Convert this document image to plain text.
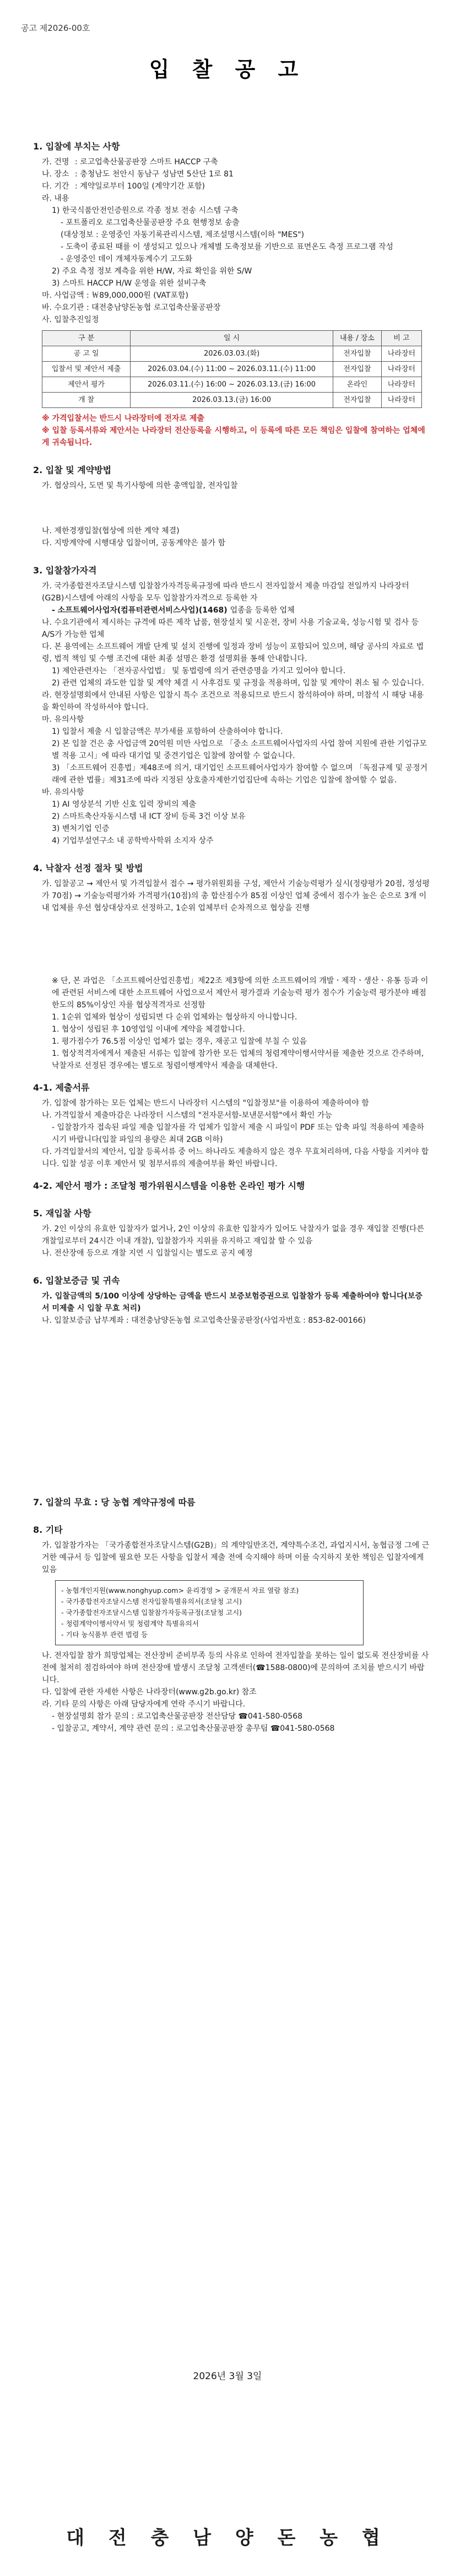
공고 제2026-00호
입 찰 공 고
1. 입찰에 부치는 사항
가. 건명 : 로고업축산물공판장 스마트 HACCP 구축
나. 장소 : 충청남도 천안시 동남구 성남면 5산단 1로 81
다. 기간 : 계약일로부터 100일 (계약기간 포함)
라. 내용
1) 한국식품안전인증원으로 각종 정보 전송 시스템 구축
- 포트폴리오 로그업축산물공판장 주요 현행정보 송출
(대상정보 : 운영중인 자동기록관리시스템, 제조설명시스템(이하 "MES")
- 도축이 종료된 때를 이 생성되고 있으나 개체별 도축정보를 기반으로 표면온도 측정 프로그램 작성
- 운영중인 데이 개체자동계수기 고도화
2) 주요 측정 정보 계측을 위한 H/W, 자료 확인을 위한 S/W
3) 스마트 HACCP H/W 운영을 위한 설비구축
마. 사업금액 : ￦89,000,000원 (VAT포함)
바. 수요기관 : 대전충남양돈농협 로고업축산물공판장
사. 입찰추진일정
구 분	일 시	내용 / 장소	비 고
공 고 일	2026.03.03.(화)	전자입찰	나라장터
입찰서 및 제안서 제출	2026.03.04.(수) 11:00 ~ 2026.03.11.(수) 11:00	전자입찰	나라장터
제안서 평가	2026.03.11.(수) 16:00 ~ 2026.03.13.(금) 16:00	온라인	나라장터
개 찰	2026.03.13.(금) 16:00	전자입찰	나라장터
※ 가격입찰서는 반드시 나라장터에 전자로 제출
※ 입찰 등록서류와 제안서는 나라장터 전산등록을 시행하고, 이 등록에 따른 모든 책임은 입찰에 참여하는 업체에게 귀속됩니다.
2. 입찰 및 계약방법
가. 협상의사, 도면 및 특기사항에 의한 총액입찰, 전자입찰
나. 제한경쟁입찰(협상에 의한 계약 체결)
다. 지방계약에 시행대상 입찰이며, 공동계약은 불가 함
3. 입찰참가자격
가. 국가종합전자조달시스템 입찰참가자격등록규정에 따라 반드시 전자입찰서 제출 마감일 전일까지 나라장터(G2B)시스템에 아래의 사항을 모두 입찰참가자격으로 등록한 자
- 소프트웨어사업자(컴퓨터관련서비스사업)(1468) 업종을 등록한 업체
나. 수요기관에서 제시하는 규격에 따른 제작 납품, 현장설치 및 시운전, 장비 사용 기술교육, 성능시험 및 검사 등 A/S가 가능한 업체
다. 본 용역에는 소프트웨어 개발 단계 및 설치 진행에 일정과 장비 성능이 포함되어 있으며, 해당 공사의 자료로 법령, 법적 책임 및 수행 조건에 대한 최종 설명은 환경 설명회를 통해 안내합니다.
1) 제안관련자는 「전자공사업법」 및 동법령에 의거 관련증명을 가지고 있어야 합니다.
2) 관련 업체의 과도한 입찰 및 계약 체결 시 사후검토 및 규정을 적용하며, 입찰 및 계약이 취소 될 수 있습니다.
라. 현장설명회에서 안내된 사항은 입찰시 특수 조건으로 적용되므로 반드시 참석하여야 하며, 미참석 시 해당 내용을 확인하여 작성하셔야 합니다.
마. 유의사항
1) 입찰서 제출 시 입찰금액은 부가세를 포함하여 산출하여야 합니다.
2) 본 입찰 건은 총 사업금액 20억원 미만 사업으로 「중소 소프트웨어사업자의 사업 참여 지원에 관한 기업규모별 적용 고시」에 따라 대기업 및 중견기업은 입찰에 참여할 수 없습니다.
3) 「소프트웨어 진흥법」제48조에 의거, 대기업인 소프트웨어사업자가 참여할 수 없으며 「독점규제 및 공정거래에 관한 법률」제31조에 따라 지정된 상호출자제한기업집단에 속하는 기업은 입찰에 참여할 수 없음.
바. 유의사항
1) AI 영상분석 기반 신호 입력 장비의 제출
2) 스마트축산자동시스템 내 ICT 장비 등록 3건 이상 보유
3) 벤처기업 인증
4) 기업부설연구소 내 공학박사학위 소지자 상주
4. 낙찰자 선정 절차 및 방법
가. 입찰공고 → 제안서 및 가격입찰서 접수 → 평가위원회를 구성, 제안서 기술능력평가 실시(정량평가 20점, 정성평가 70점) → 기술능력평가와 가격평가(10점)의 총 합산점수가 85점 이상인 업체 중에서 점수가 높은 순으로 3개 이내 업체를 우선 협상대상자로 선정하고, 1순위 업체부터 순차적으로 협상을 진행
※ 단, 본 과업은 「소프트웨어산업진흥법」제22조 제3항에 의한 소프트웨어의 개발ㆍ제작ㆍ생산ㆍ유통 등과 이에 관련된 서비스에 대한 소프트웨어 사업으로서 제안서 평가결과 기술능력 평가 점수가 기술능력 평가분야 배점한도의 85%이상인 자를 협상적격자로 선정함
1. 1순위 업체와 협상이 성립되면 다 순위 업체와는 협상하지 아니합니다.
1. 협상이 성립된 후 10영업일 이내에 계약을 체결합니다.
1. 평가점수가 76.5점 이상인 업체가 없는 경우, 재공고 입찰에 부칠 수 있음
1. 협상적격자에게서 제출된 서류는 입찰에 참가한 모든 업체의 청렴계약이행서약서를 제출한 것으로 간주하며, 낙찰자로 선정된 경우에는 별도로 청렴이행계약서 제출을 대체한다.
4-1. 제출서류
가. 입찰에 참가하는 모든 업체는 반드시 나라장터 시스템의 "입찰정보"를 이용하여 제출하여야 함
나. 가격입찰서 제출마감은 나라장터 시스템의 "전자문서함-보낸문서함"에서 확인 가능
- 입찰참가자 접속된 파일 제출 입찰자를 각 업체가 입찰서 제출 시 파일이 PDF 또는 압축 파일 적용하여 제출하시기 바랍니다(입찰 파일의 용량은 최대 2GB 이하)
다. 가격입찰서의 제안서, 입찰 등록서류 중 어느 하나라도 제출하지 않은 경우 무효처리하며, 다음 사항을 지켜야 합니다. 입찰 성공 이후 제안서 및 첨부서류의 제출여부를 확인 바랍니다.
4-2. 제안서 평가 : 조달청 평가위원시스템을 이용한 온라인 평가 시행
5. 재입찰 사항
가. 2인 이상의 유효한 입찰자가 없거나, 2인 이상의 유효한 입찰자가 있어도 낙찰자가 없을 경우 재입찰 진행(다른 개찰일로부터 24시간 이내 개찰), 입찰참가자 지위를 유지하고 재입찰 할 수 있음
나. 전산장애 등으로 개찰 지연 시 입찰일시는 별도로 공지 예정
6. 입찰보증금 및 귀속
가. 입찰금액의 5/100 이상에 상당하는 금액을 반드시 보증보험증권으로 입찰참가 등록 제출하여야 합니다(보증서 미제출 시 입찰 무효 처리)
나. 입찰보증금 납부계좌 : 대전충남양돈농협 로고업축산물공판장(사업자번호 : 853-82-00166)
7. 입찰의 무효 : 당 농협 계약규정에 따름
8. 기타
가. 입찰참가자는 「국가종합전자조달시스템(G2B)」의 계약일반조건, 계약특수조건, 과업지시서, 농협금정 그에 근거한 예규서 등 입찰에 필요한 모든 사항을 입찰서 제출 전에 숙지해야 하며 이를 숙지하지 못한 책임은 입찰자에게 있음
- 농협개인지원(www.nonghyup.com> 윤리경영 > 공개문서 자료 열람 참조)
- 국가종합전자조달시스템 전자입찰특별유의서(조달청 고시)
- 국가종합전자조달시스템 입찰참가자등록규정(조달청 고시)
- 청렴계약이행서약서 및 청렴계약 특별유의서
- 기타 농식품부 관련 법령 등
나. 전자입찰 참가 희망업체는 전산장비 준비부족 등의 사유로 인하여 전자입찰을 못하는 일이 없도록 전산장비를 사전에 철저히 점검하여야 하며 전산장애 발생시 조달청 고객센터(☎1588-0800)에 문의하여 조치를 받으시기 바랍니다.
다. 입찰에 관한 자세한 사항은 나라장터(www.g2b.go.kr) 참조
라. 기타 문의 사항은 아래 담당자에게 연락 주시기 바랍니다.
- 현장설명회 참가 문의 : 로고업축산물공판장 전산담당 ☎041-580-0568
- 입찰공고, 계약서, 계약 관련 문의 : 로고업축산물공판장 총무팀 ☎041-580-0568
2026년 3월 3일
대 전 충 남 양 돈 농 협
